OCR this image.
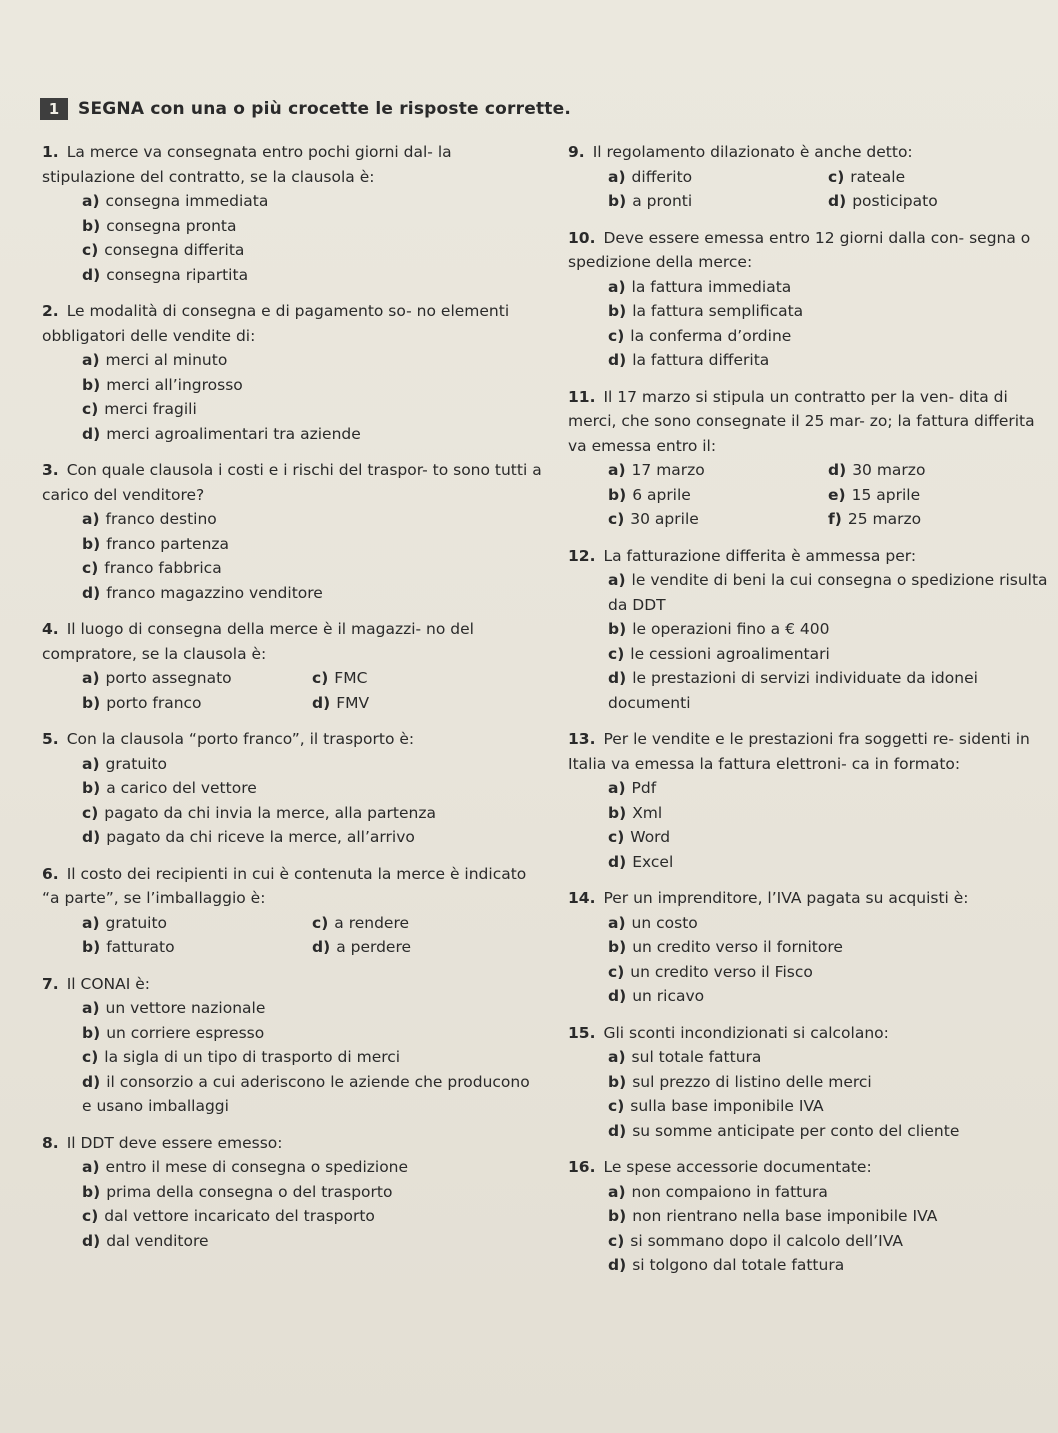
1	SEGNA con una o più crocette le risposte corrette.
1. La merce va consegnata entro pochi giorni dal- la stipulazione del contratto, se la clausola è:
a) consegna immediata
b) consegna pronta
c) consegna differita
d) consegna ripartita
2. Le modalità di consegna e di pagamento so- no elementi obbligatori delle vendite di:
a) merci al minuto
b) merci all’ingrosso
c) merci fragili
d) merci agroalimentari tra aziende
3. Con quale clausola i costi e i rischi del traspor- to sono tutti a carico del venditore?
a) franco destino
b) franco partenza
c) franco fabbrica
d) franco magazzino venditore
4. Il luogo di consegna della merce è il magazzi- no del compratore, se la clausola è:
a) porto assegnato	c) FMC
b) porto franco	d) FMV
5. Con la clausola “porto franco”, il trasporto è:
a) gratuito
b) a carico del vettore
c) pagato da chi invia la merce, alla partenza
d) pagato da chi riceve la merce, all’arrivo
6. Il costo dei recipienti in cui è contenuta la merce è indicato “a parte”, se l’imballaggio è:
a) gratuito	c) a rendere
b) fatturato	d) a perdere
7. Il CONAI è:
a) un vettore nazionale
b) un corriere espresso
c) la sigla di un tipo di trasporto di merci
d) il consorzio a cui aderiscono le aziende che producono e usano imballaggi
8. Il DDT deve essere emesso:
a) entro il mese di consegna o spedizione
b) prima della consegna o del trasporto
c) dal vettore incaricato del trasporto
d) dal venditore
9. Il regolamento dilazionato è anche detto:
a) differito	c) rateale
b) a pronti	d) posticipato
10. Deve essere emessa entro 12 giorni dalla con- segna o spedizione della merce:
a) la fattura immediata
b) la fattura semplificata
c) la conferma d’ordine
d) la fattura differita
11. Il 17 marzo si stipula un contratto per la ven- dita di merci, che sono consegnate il 25 mar- zo; la fattura differita va emessa entro il:
a) 17 marzo	d) 30 marzo
b) 6 aprile	e) 15 aprile
c) 30 aprile	f) 25 marzo
12. La fatturazione differita è ammessa per:
a) le vendite di beni la cui consegna o spedizione risulta da DDT
b) le operazioni fino a € 400
c) le cessioni agroalimentari
d) le prestazioni di servizi individuate da idonei documenti
13. Per le vendite e le prestazioni fra soggetti re- sidenti in Italia va emessa la fattura elettroni- ca in formato:
a) Pdf
b) Xml
c) Word
d) Excel
14. Per un imprenditore, l’IVA pagata su acquisti è:
a) un costo
b) un credito verso il fornitore
c) un credito verso il Fisco
d) un ricavo
15. Gli sconti incondizionati si calcolano:
a) sul totale fattura
b) sul prezzo di listino delle merci
c) sulla base imponibile IVA
d) su somme anticipate per conto del cliente
16. Le spese accessorie documentate:
a) non compaiono in fattura
b) non rientrano nella base imponibile IVA
c) si sommano dopo il calcolo dell’IVA
d) si tolgono dal totale fattura
